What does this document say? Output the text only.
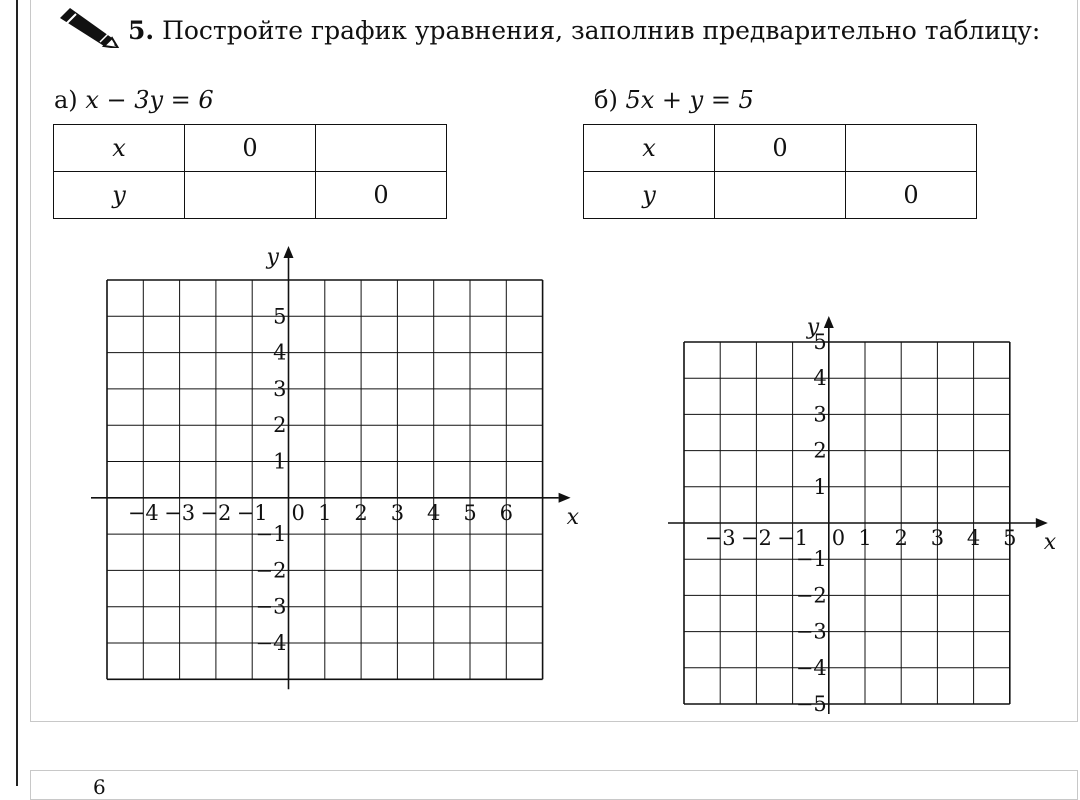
5. Постройте график уравнения, заполнив предварительно таблицу:
а) x − 3y = 6	б) 5x + y = 5
x	0	
y		0
x	0	
y		0
x
y
0
−4 −3 −2 −1 1 2 3 4 5 6
5
4
3
2
1
−1
−2
−3
−4
x
y
0
−3 −2 −1 1 2 3 4 5
5
4
3
2
1
−1
−2
−3
−4
−5
6
